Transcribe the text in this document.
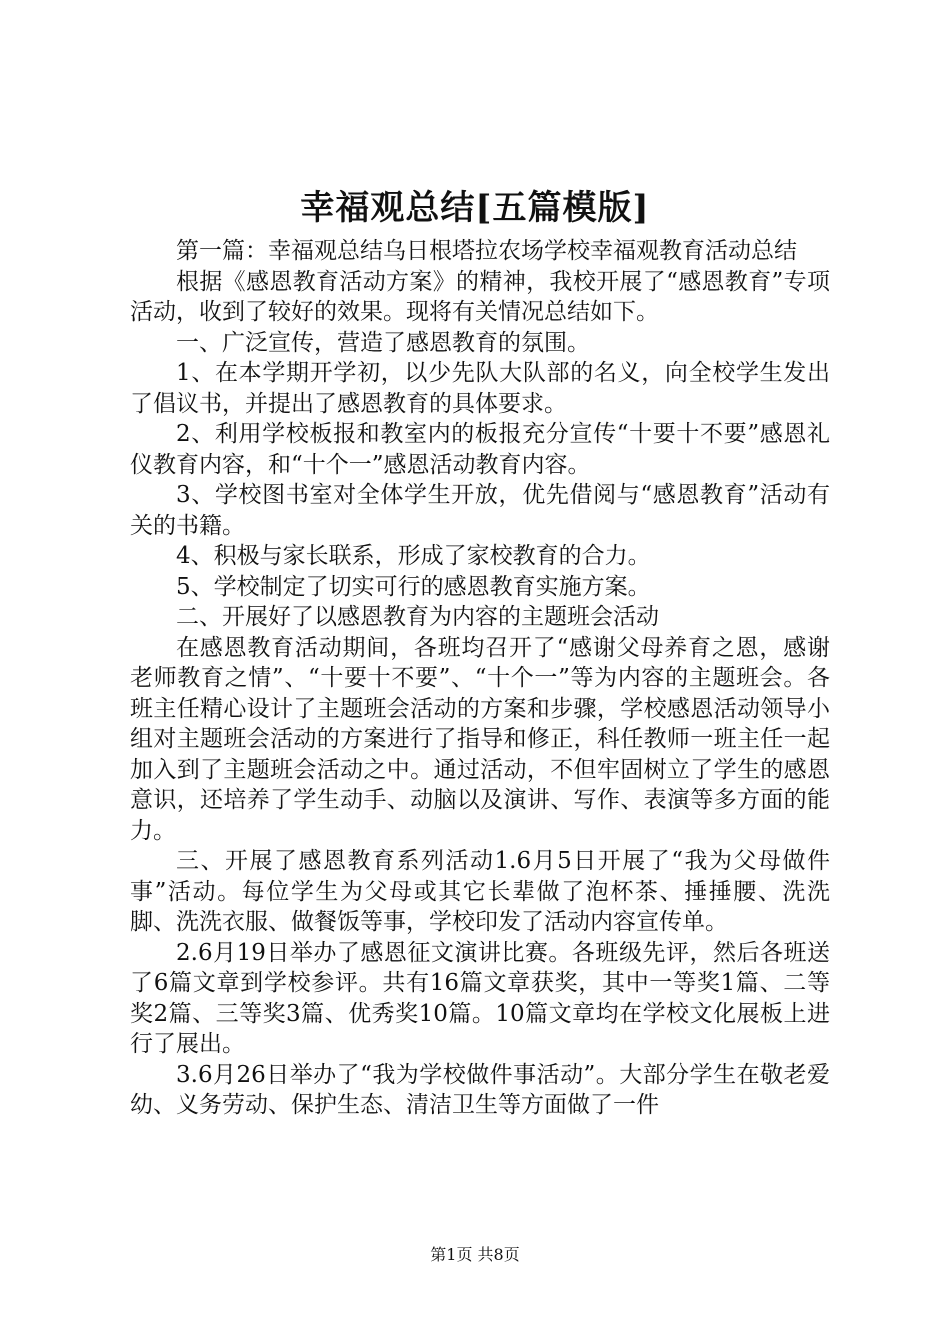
幸福观总结[五篇模版]

第一篇：幸福观总结乌日根塔拉农场学校幸福观教育活动总结

根据《感恩教育活动方案》的精神，我校开展了“感恩教育”专项活动，收到了较好的效果。现将有关情况总结如下。

一、广泛宣传，营造了感恩教育的氛围。

1、在本学期开学初，以少先队大队部的名义，向全校学生发出了倡议书，并提出了感恩教育的具体要求。

2、利用学校板报和教室内的板报充分宣传“十要十不要”感恩礼仪教育内容，和“十个一”感恩活动教育内容。

3、学校图书室对全体学生开放，优先借阅与“感恩教育”活动有关的书籍。

4、积极与家长联系，形成了家校教育的合力。

5、学校制定了切实可行的感恩教育实施方案。

二、开展好了以感恩教育为内容的主题班会活动

在感恩教育活动期间，各班均召开了“感谢父母养育之恩，感谢老师教育之情”、“十要十不要”、“十个一”等为内容的主题班会。各班主任精心设计了主题班会活动的方案和步骤，学校感恩活动领导小组对主题班会活动的方案进行了指导和修正，科任教师一班主任一起加入到了主题班会活动之中。通过活动，不但牢固树立了学生的感恩意识，还培养了学生动手、动脑以及演讲、写作、表演等多方面的能力。

三、开展了感恩教育系列活动1.6月5日开展了“我为父母做件事”活动。每位学生为父母或其它长辈做了泡杯茶、捶捶腰、洗洗脚、洗洗衣服、做餐饭等事，学校印发了活动内容宣传单。

2.6月19日举办了感恩征文演讲比赛。各班级先评，然后各班送了6篇文章到学校参评。共有16篇文章获奖，其中一等奖1篇、二等奖2篇、三等奖3篇、优秀奖10篇。10篇文章均在学校文化展板上进行了展出。

3.6月26日举办了“我为学校做件事活动”。大部分学生在敬老爱幼、义务劳动、保护生态、清洁卫生等方面做了一件

第1页 共8页
